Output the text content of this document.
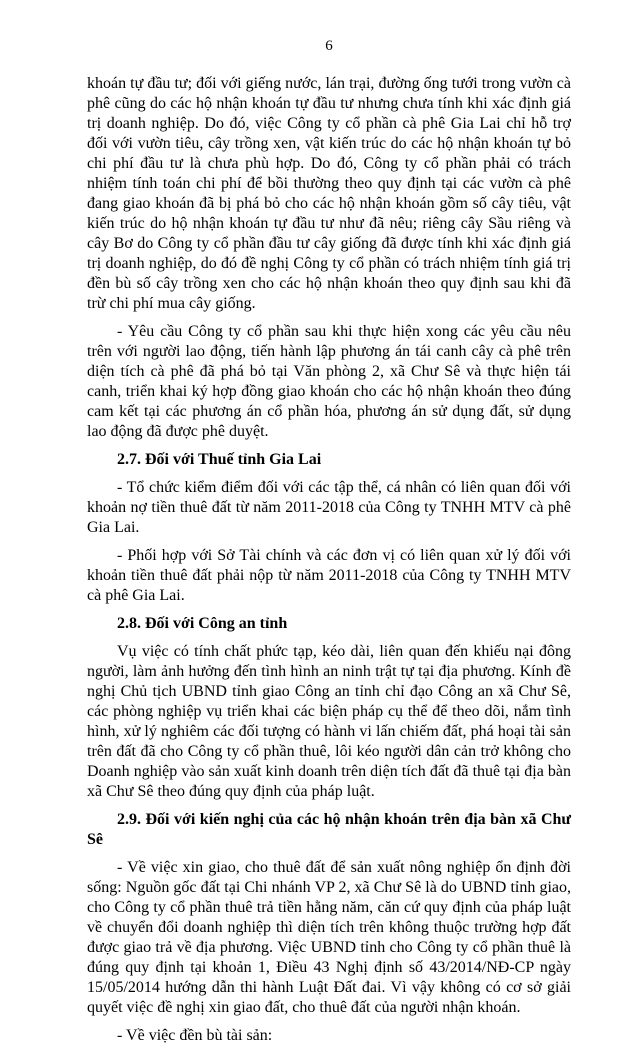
6

khoán tự đầu tư; đối với giếng nước, lán trại, đường ống tưới trong vườn cà phê cũng do các hộ nhận khoán tự đầu tư nhưng chưa tính khi xác định giá trị doanh nghiệp. Do đó, việc Công ty cổ phần cà phê Gia Lai chỉ hỗ trợ đối với vườn tiêu, cây trồng xen, vật kiến trúc do các hộ nhận khoán tự bỏ chi phí đầu tư là chưa phù hợp. Do đó, Công ty cổ phần phải có trách nhiệm tính toán chi phí để bồi thường theo quy định tại các vườn cà phê đang giao khoán đã bị phá bỏ cho các hộ nhận khoán gồm số cây tiêu, vật kiến trúc do hộ nhận khoán tự đầu tư như đã nêu; riêng cây Sầu riêng và cây Bơ do Công ty cổ phần đầu tư cây giống đã được tính khi xác định giá trị doanh nghiệp, do đó đề nghị Công ty cổ phần có trách nhiệm tính giá trị đền bù số cây trồng xen cho các hộ nhận khoán theo quy định sau khi đã trừ chi phí mua cây giống.

- Yêu cầu Công ty cổ phần sau khi thực hiện xong các yêu cầu nêu trên với người lao động, tiến hành lập phương án tái canh cây cà phê trên diện tích cà phê đã phá bỏ tại Văn phòng 2, xã Chư Sê và thực hiện tái canh, triển khai ký hợp đồng giao khoán cho các hộ nhận khoán theo đúng cam kết tại các phương án cổ phần hóa, phương án sử dụng đất, sử dụng lao động đã được phê duyệt.

2.7. Đối với Thuế tỉnh Gia Lai

- Tổ chức kiểm điểm đối với các tập thể, cá nhân có liên quan đối với khoản nợ tiền thuê đất từ năm 2011-2018 của Công ty TNHH MTV cà phê Gia Lai.

- Phối hợp với Sở Tài chính và các đơn vị có liên quan xử lý đối với khoản tiền thuê đất phải nộp từ năm 2011-2018 của Công ty TNHH MTV cà phê Gia Lai.

2.8. Đối với Công an tỉnh

Vụ việc có tính chất phức tạp, kéo dài, liên quan đến khiếu nại đông người, làm ảnh hưởng đến tình hình an ninh trật tự tại địa phương. Kính đề nghị Chủ tịch UBND tỉnh giao Công an tỉnh chỉ đạo Công an xã Chư Sê, các phòng nghiệp vụ triển khai các biện pháp cụ thể để theo dõi, nắm tình hình, xử lý nghiêm các đối tượng có hành vi lấn chiếm đất, phá hoại tài sản trên đất đã cho Công ty cổ phần thuê, lôi kéo người dân cản trở không cho Doanh nghiệp vào sản xuất kinh doanh trên diện tích đất đã thuê tại địa bàn xã Chư Sê theo đúng quy định của pháp luật.

2.9. Đối với kiến nghị của các hộ nhận khoán trên địa bàn xã Chư Sê

- Về việc xin giao, cho thuê đất để sản xuất nông nghiệp ổn định đời sống: Nguồn gốc đất tại Chi nhánh VP 2, xã Chư Sê là do UBND tỉnh giao, cho Công ty cổ phần thuê trả tiền hằng năm, căn cứ quy định của pháp luật về chuyển đổi doanh nghiệp thì diện tích trên không thuộc trường hợp đất được giao trả về địa phương. Việc UBND tỉnh cho Công ty cổ phần thuê là đúng quy định tại khoản 1, Điều 43 Nghị định số 43/2014/NĐ-CP ngày 15/05/2014 hướng dẫn thi hành Luật Đất đai. Vì vậy không có cơ sở giải quyết việc đề nghị xin giao đất, cho thuê đất của người nhận khoán.

- Về việc đền bù tài sản:
